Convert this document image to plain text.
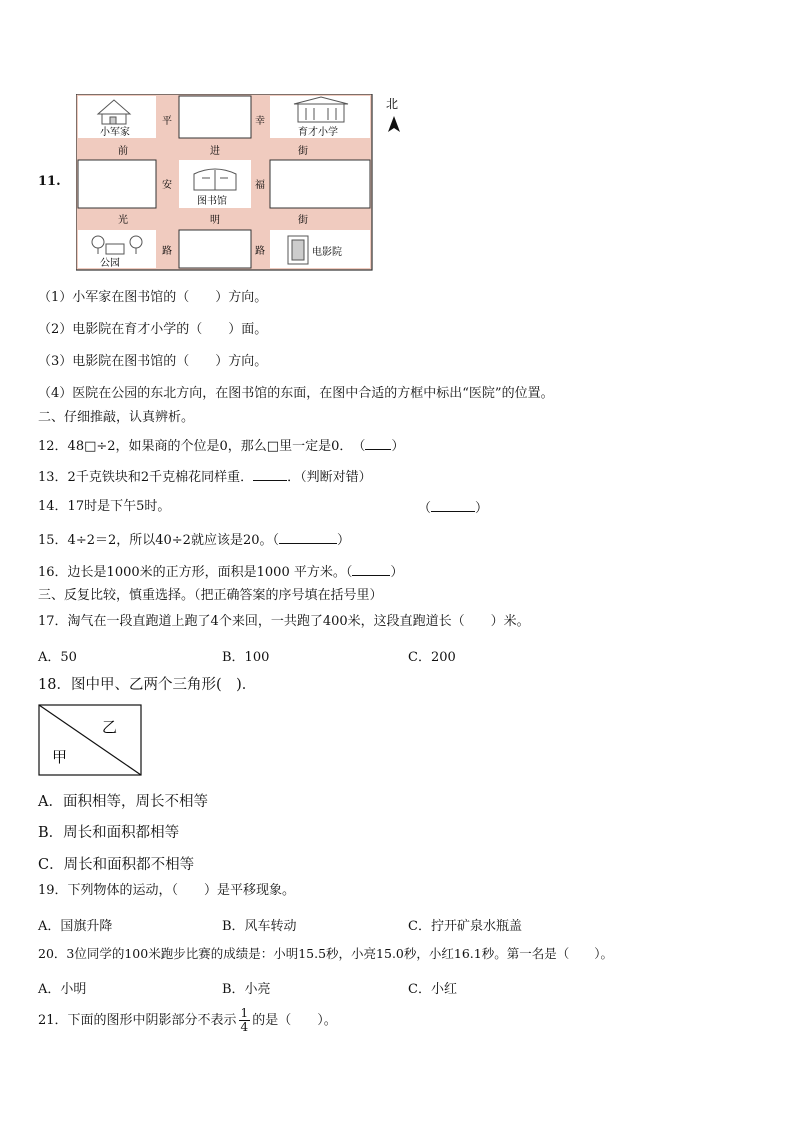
11.
小军家	育才小学
图书馆
公园
电影院
前	进	街
光	明	街
平
安
路
幸
福
路
北
（1）小军家在图书馆的（　　）方向。
（2）电影院在育才小学的（　　）面。
（3）电影院在图书馆的（　　）方向。
（4）医院在公园的东北方向，在图书馆的东面，在图中合适的方框中标出“医院”的位置。
二、仔细推敲，认真辨析。
12．48□÷2，如果商的个位是0，那么□里一定是0．　（ ）
13．2千克铁块和2千克棉花同样重．	．（判断对错）
14．17时是下午5时。	（	）
15．4÷2＝2，所以40÷2就应该是20。（	）
16．边长是1000米的正方形，面积是1000 平方米。（	）
三、反复比较，慎重选择。（把正确答案的序号填在括号里）
17．淘气在一段直跑道上跑了4个来回，一共跑了400米，这段直跑道长（　　）米。
A．50	B．100	C．200
18．图中甲、乙两个三角形(　)．
乙
甲
A．面积相等，周长不相等
B．周长和面积都相等
C．周长和面积都不相等
19．下列物体的运动，（　　）是平移现象。
A．国旗升降	B．风车转动	C．拧开矿泉水瓶盖
20．3位同学的100米跑步比赛的成绩是：小明15.5秒，小亮15.0秒，小红16.1秒。第一名是（　　）。
A．小明	B．小亮	C．小红
21．下面的图形中阴影部分不表示 $\frac{1}{4}$ 的是（　　）。
